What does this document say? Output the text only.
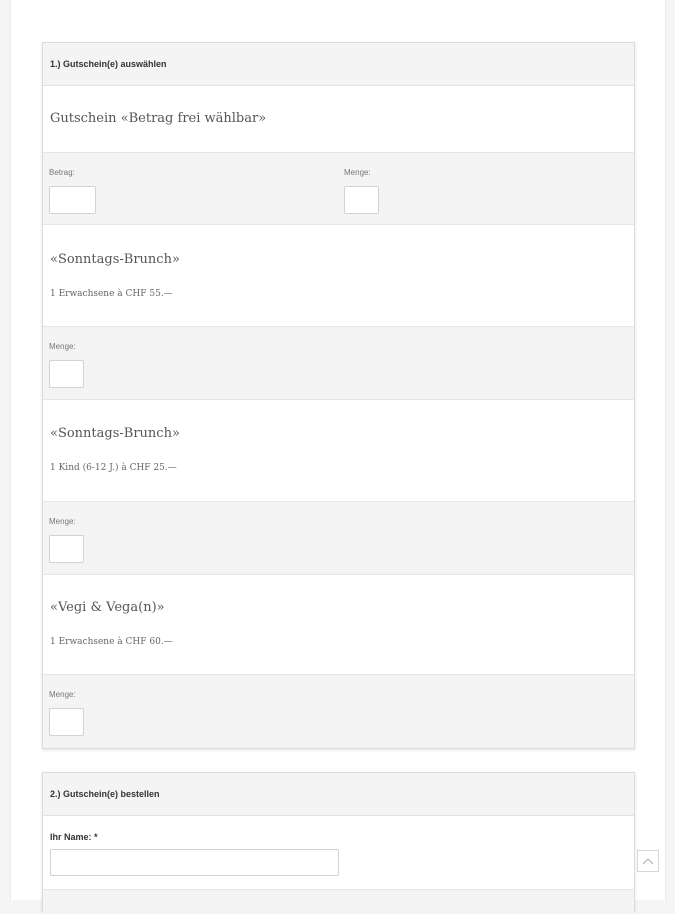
1.) Gutschein(e) auswählen
Gutschein «Betrag frei wählbar»
Betrag:	Menge:
«Sonntags-Brunch»
1 Erwachsene à CHF 55.—
Menge:
«Sonntags-Brunch»
1 Kind (6-12 J.) à CHF 25.—
Menge:
«Vegi & Vega(n)»
1 Erwachsene à CHF 60.—
Menge:
2.) Gutschein(e) bestellen
Ihr Name: *
